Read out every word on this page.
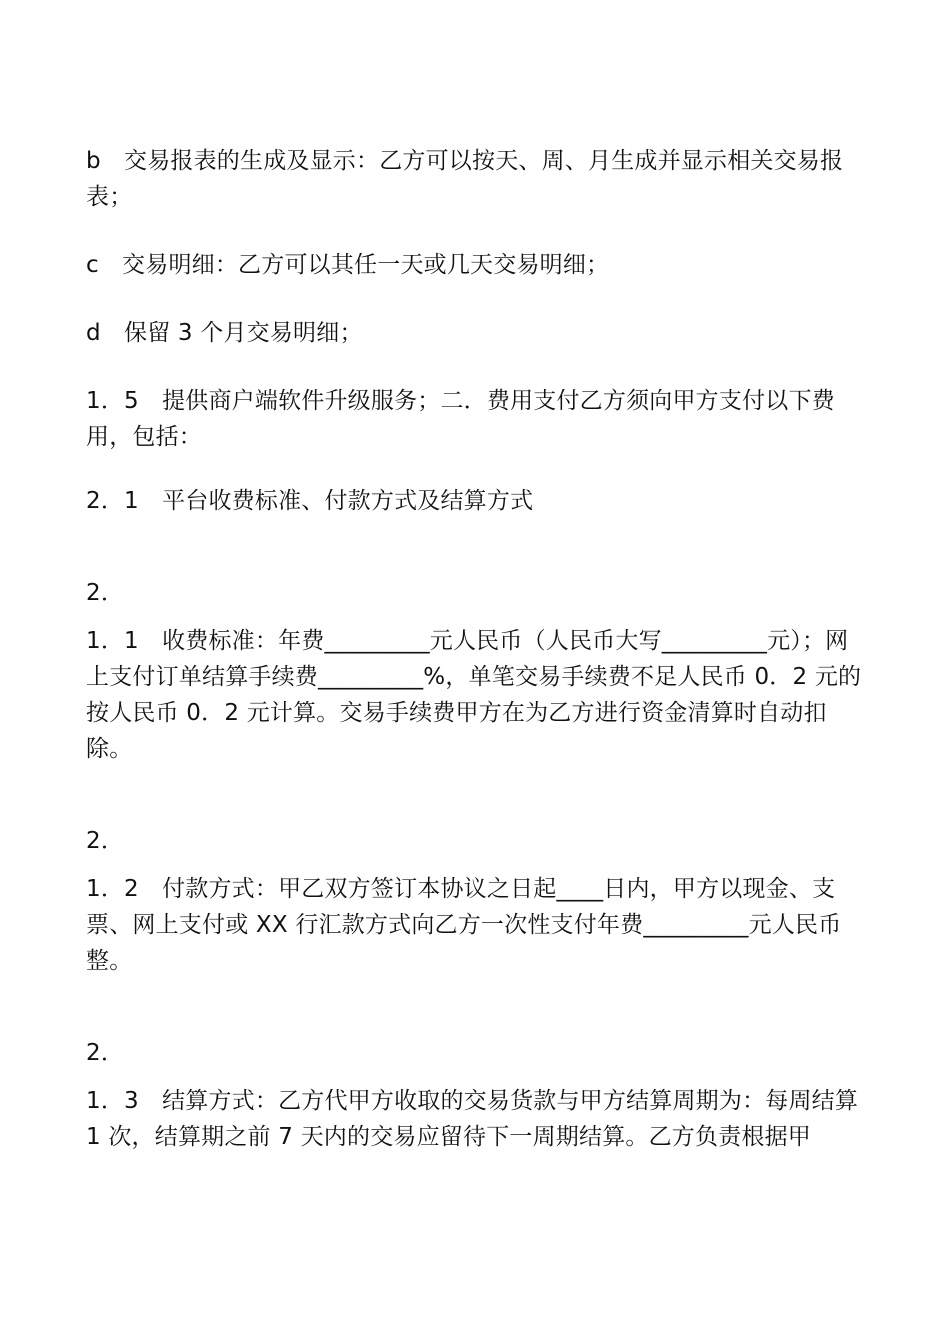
b　交易报表的生成及显示：乙方可以按天、周、月生成并显示相关交易报表；

c　交易明细：乙方可以其任一天或几天交易明细；

d　保留 3 个月交易明细；

1．5　提供商户端软件升级服务；二．费用支付乙方须向甲方支付以下费用，包括：

2．1　平台收费标准、付款方式及结算方式

2．

1．1　收费标准：年费_________元人民币（人民币大写_________元）；网上支付订单结算手续费_________%，单笔交易手续费不足人民币 0．2 元的按人民币 0．2 元计算。交易手续费甲方在为乙方进行资金清算时自动扣除。

2．

1．2　付款方式：甲乙双方签订本协议之日起____日内，甲方以现金、支票、网上支付或 XX 行汇款方式向乙方一次性支付年费_________元人民币整。

2．

1．3　结算方式：乙方代甲方收取的交易货款与甲方结算周期为：每周结算 1 次，结算期之前 7 天内的交易应留待下一周期结算。乙方负责根据甲
